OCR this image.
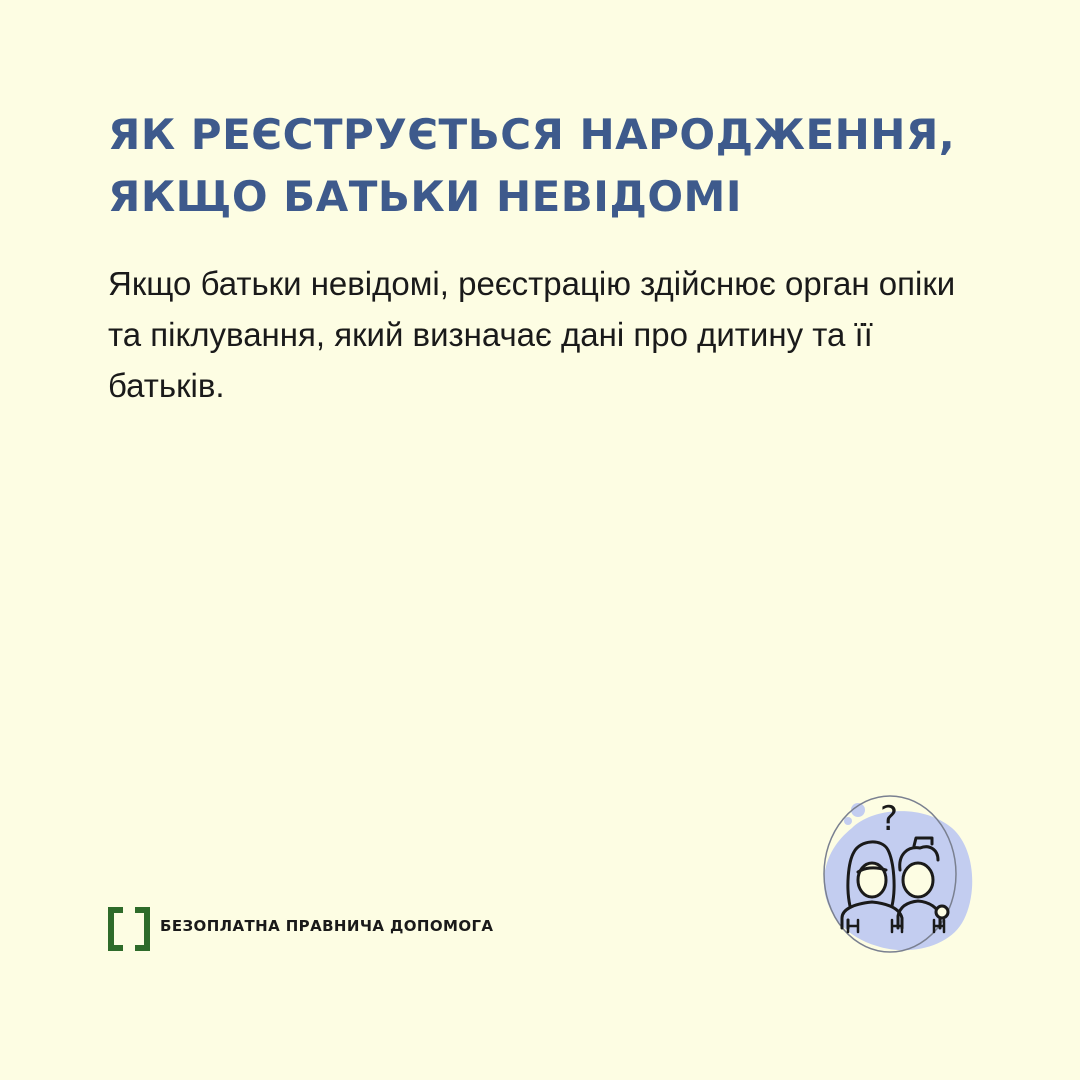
ЯК РЕЄСТРУЄТЬСЯ НАРОДЖЕННЯ,
ЯКЩО БАТЬКИ НЕВІДОМІ

Якщо батьки невідомі, реєстрацію здійснює орган опіки та піклування, який визначає дані про дитину та її батьків.

БЕЗОПЛАТНА ПРАВНИЧА ДОПОМОГА
?
